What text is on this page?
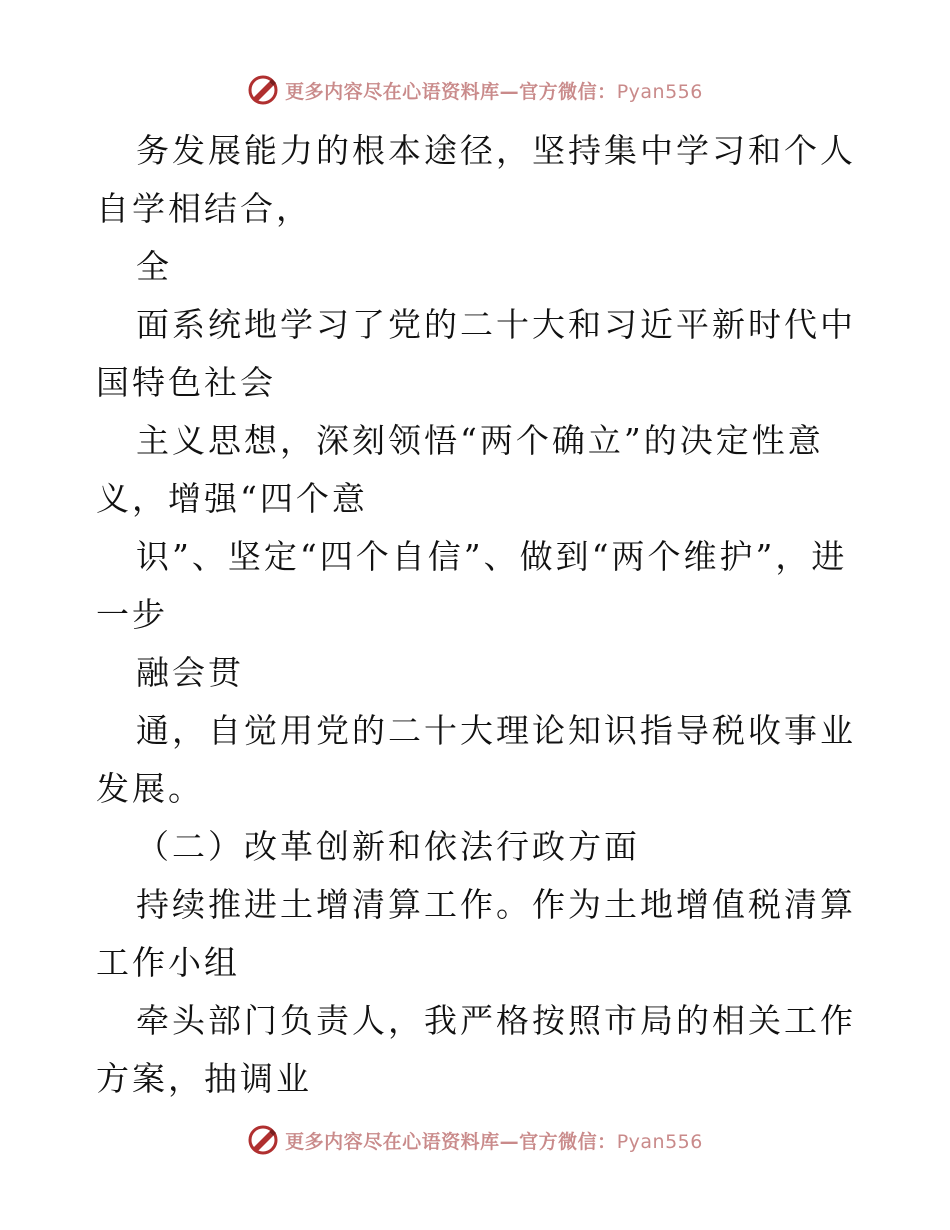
更多内容尽在心语资料库—官方微信：Pyan556

务发展能力的根本途径，坚持集中学习和个人自学相结合，

全

面系统地学习了党的二十大和习近平新时代中国特色社会

主义思想，深刻领悟“两个确立”的决定性意义，增强“四个意

识”、坚定“四个自信”、做到“两个维护”，进一步

融会贯

通，自觉用党的二十大理论知识指导税收事业发展。

（二）改革创新和依法行政方面

持续推进土增清算工作。作为土地增值税清算工作小组

牵头部门负责人，我严格按照市局的相关工作方案，抽调业

更多内容尽在心语资料库—官方微信：Pyan556
